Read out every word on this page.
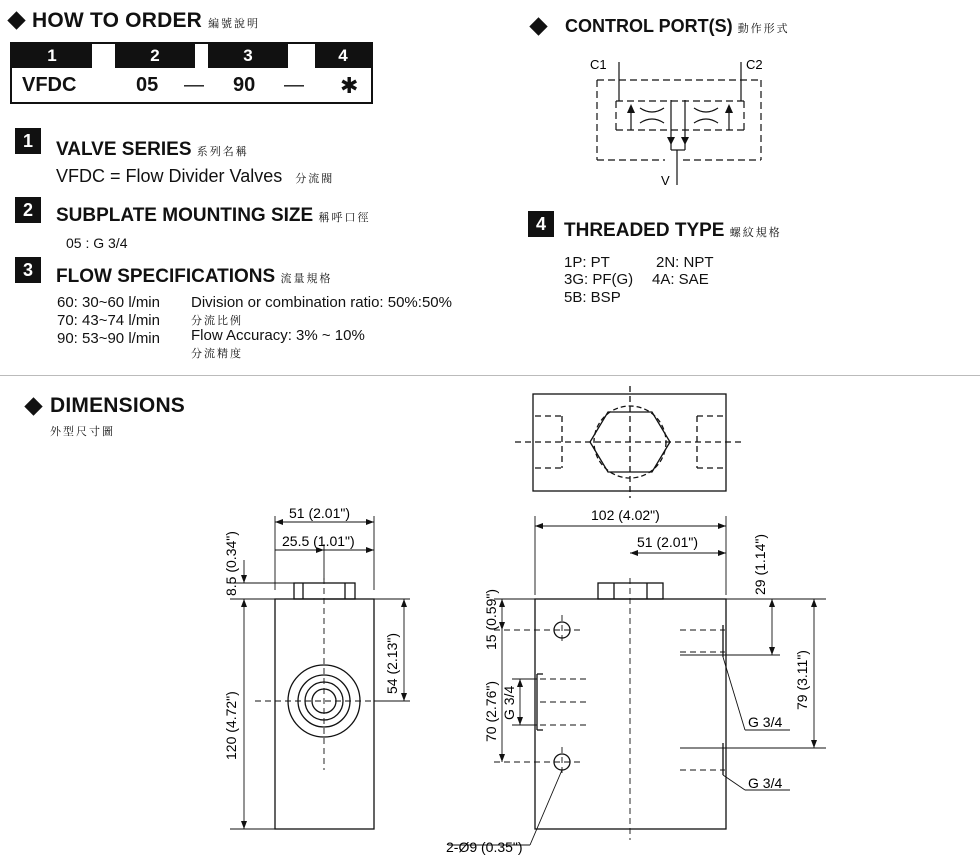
HOW TO ORDER 編號說明
1	2	3	4
VFDC	05 — 90 — ✱
1	VALVE SERIES 系列名稱
VFDC = Flow Divider Valves 分流閥
2	SUBPLATE MOUNTING SIZE 稱呼口徑
05 : G 3/4
3	FLOW SPECIFICATIONS 流量規格
60: 30~60 l/min
70: 43~74 l/min
90: 53~90 l/min
Division or combination ratio: 50%:50%
分流比例
Flow Accuracy: 3% ~ 10%
分流精度
CONTROL PORT(S) 動作形式
C1	C2
V
4 THREADED TYPE 螺紋規格
1P: PT	2N: NPT
3G: PF(G) 4A: SAE
5B: BSP
DIMENSIONS
外型尺寸圖
51 (2.01")
25.5 (1.01")
8.5 (0.34")
120 (4.72")
54 (2.13")
102 (4.02")
51 (2.01")	29 (1.14")
79 (3.11")
15 (0.59")
70 (2.76") G 3/4
G 3/4
G 3/4
2-Ø9 (0.35")
